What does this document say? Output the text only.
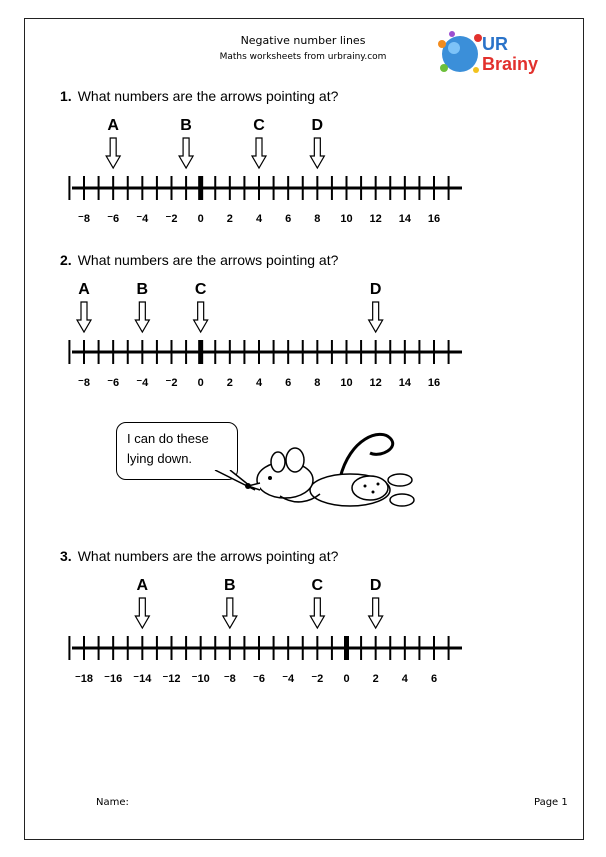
Negative number lines
Maths worksheets from urbrainy.com
UR
Brainy
1. What numbers are the arrows pointing at?
⁻8 ⁻6 ⁻4 ⁻2 0 2 4 6 8 10 12 14 16
A	B	C	D
2. What numbers are the arrows pointing at?
⁻8 ⁻6 ⁻4 ⁻2 0 2 4 6 8 10 12 14 16
A	B	C	D
I can do these
lying down.
3. What numbers are the arrows pointing at?
⁻18 ⁻16 ⁻14 ⁻12 ⁻10 ⁻8 ⁻6 ⁻4 ⁻2 0 2 4 6
A	B	C	D
Name:	Page 1
